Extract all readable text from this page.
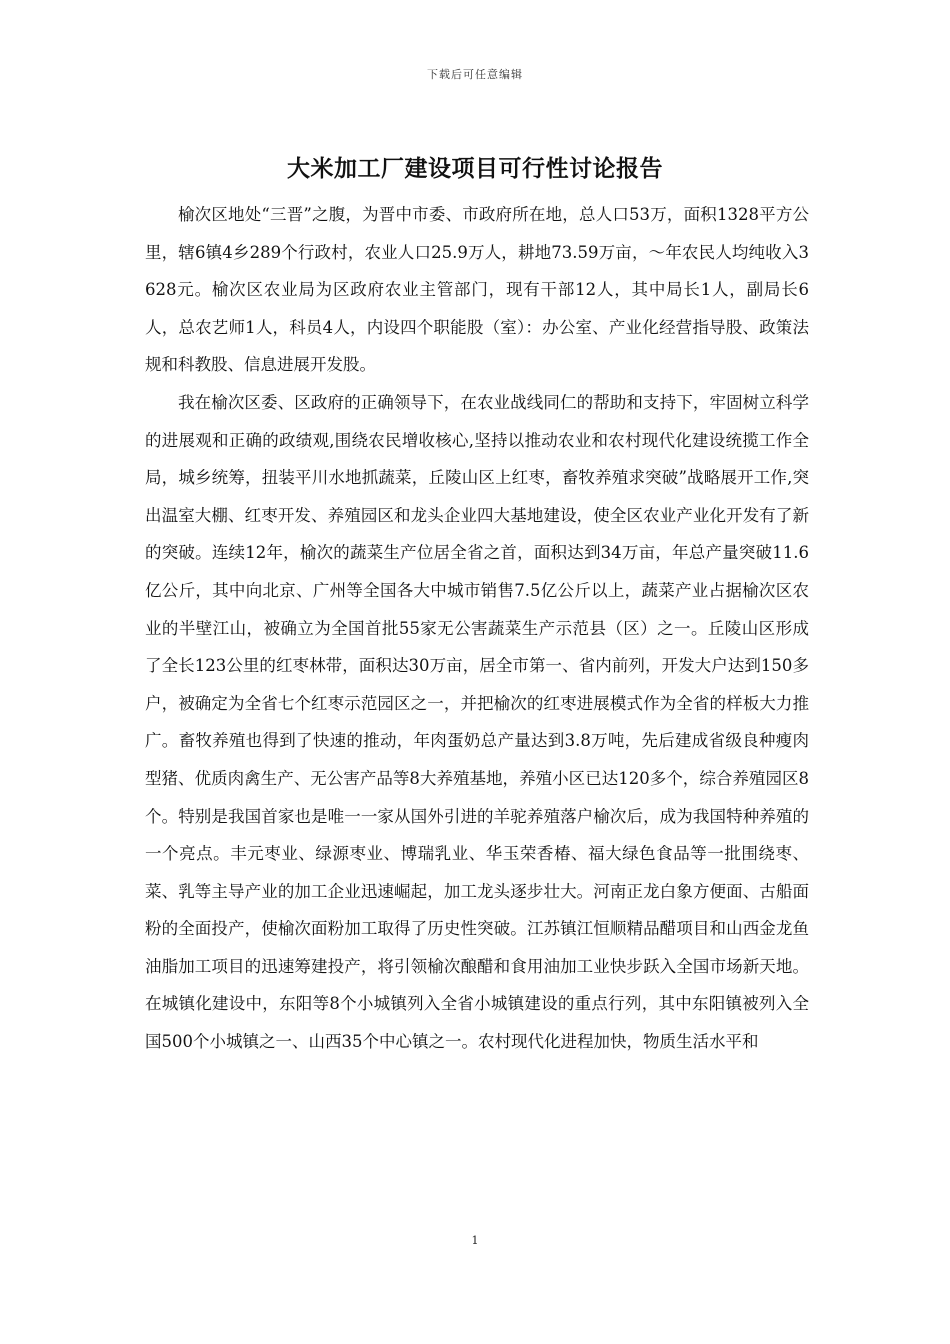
下载后可任意编辑
大米加工厂建设项目可行性讨论报告

榆次区地处“三晋”之腹，为晋中市委、市政府所在地，总人口53万，面积1328平方公里，辖6镇4乡289个行政村，农业人口25.9万人，耕地73.59万亩，～年农民人均纯收入3628元。榆次区农业局为区政府农业主管部门，现有干部12人，其中局长1人，副局长6人，总农艺师1人，科员4人，内设四个职能股（室）：办公室、产业化经营指导股、政策法规和科教股、信息进展开发股。

我在榆次区委、区政府的正确领导下，在农业战线同仁的帮助和支持下，牢固树立科学的进展观和正确的政绩观,围绕农民增收核心,坚持以推动农业和农村现代化建设统揽工作全局，城乡统筹，扭装平川水地抓蔬菜，丘陵山区上红枣，畜牧养殖求突破”战略展开工作,突出温室大棚、红枣开发、养殖园区和龙头企业四大基地建设，使全区农业产业化开发有了新的突破。连续12年，榆次的蔬菜生产位居全省之首，面积达到34万亩，年总产量突破11.6亿公斤，其中向北京、广州等全国各大中城市销售7.5亿公斤以上，蔬菜产业占据榆次区农业的半壁江山，被确立为全国首批55家无公害蔬菜生产示范县（区）之一。丘陵山区形成了全长123公里的红枣林带，面积达30万亩，居全市第一、省内前列，开发大户达到150多户，被确定为全省七个红枣示范园区之一，并把榆次的红枣进展模式作为全省的样板大力推广。畜牧养殖也得到了快速的推动，年肉蛋奶总产量达到3.8万吨，先后建成省级良种瘦肉型猪、优质肉禽生产、无公害产品等8大养殖基地，养殖小区已达120多个，综合养殖园区8个。特别是我国首家也是唯一一家从国外引进的羊驼养殖落户榆次后，成为我国特种养殖的一个亮点。丰元枣业、绿源枣业、博瑞乳业、华玉荣香椿、福大绿色食品等一批围绕枣、菜、乳等主导产业的加工企业迅速崛起，加工龙头逐步壮大。河南正龙白象方便面、古船面粉的全面投产，使榆次面粉加工取得了历史性突破。江苏镇江恒顺精品醋项目和山西金龙鱼油脂加工项目的迅速筹建投产，将引领榆次酿醋和食用油加工业快步跃入全国市场新天地。在城镇化建设中，东阳等8个小城镇列入全省小城镇建设的重点行列，其中东阳镇被列入全国500个小城镇之一、山西35个中心镇之一。农村现代化进程加快，物质生活水平和

1
